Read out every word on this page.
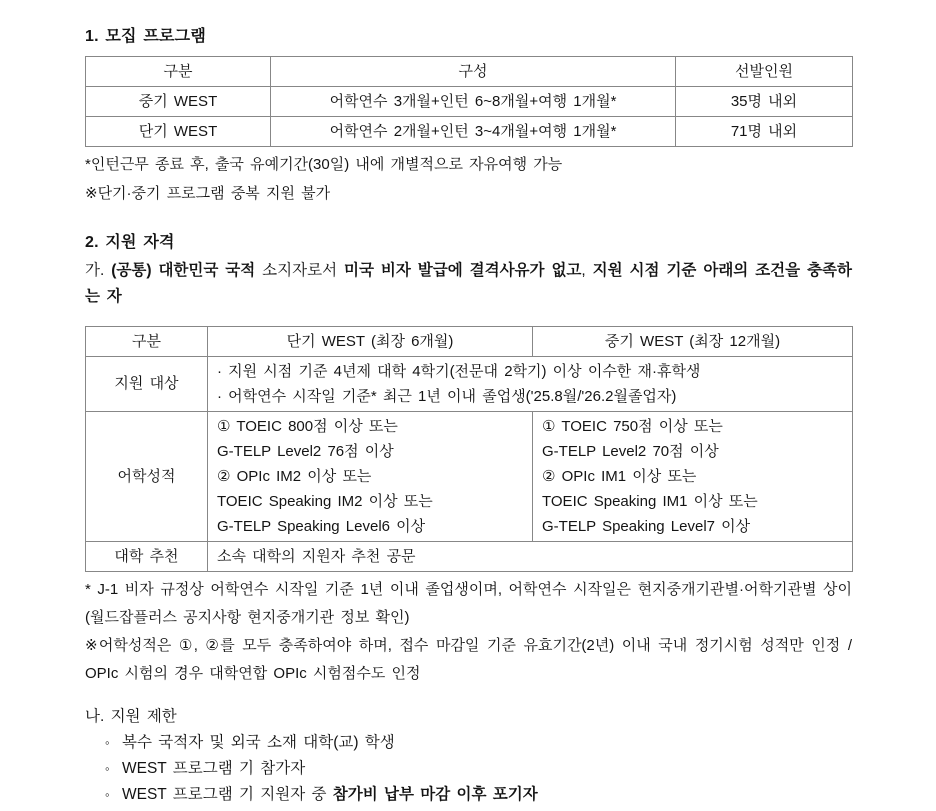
1. 모집 프로그램
구분	구성	선발인원
중기 WEST	어학연수 3개월+인턴 6~8개월+여행 1개월*	35명 내외
단기 WEST	어학연수 2개월+인턴 3~4개월+여행 1개월*	71명 내외
*인턴근무 종료 후, 출국 유예기간(30일) 내에 개별적으로 자유여행 가능
※단기·중기 프로그램 중복 지원 불가
2. 지원 자격

가. (공통) 대한민국 국적 소지자로서 미국 비자 발급에 결격사유가 없고, 지원 시점 기준 아래의 조건을 충족하는 자

구분	단기 WEST (최장 6개월)	중기 WEST (최장 12개월)
지원 대상	· 지원 시점 기준 4년제 대학 4학기(전문대 2학기) 이상 이수한 재·휴학생
· 어학연수 시작일 기준* 최근 1년 이내 졸업생('25.8월/'26.2월졸업자)	

어학성적	① TOEIC 800점 이상 또는
G-TELP Level2 76점 이상
② OPIc IM2 이상 또는
TOEIC Speaking IM2 이상 또는
G-TELP Speaking Level6 이상	① TOEIC 750점 이상 또는
G-TELP Level2 70점 이상
② OPIc IM1 이상 또는
TOEIC Speaking IM1 이상 또는
G-TELP Speaking Level7 이상

대학 추천	소속 대학의 지원자 추천 공문	
* J-1 비자 규정상 어학연수 시작일 기준 1년 이내 졸업생이며, 어학연수 시작일은 현지중개기관별·어학기관별 상이(월드잡플러스 공지사항 현지중개기관 정보 확인)
※어학성적은 ①, ②를 모두 충족하여야 하며, 접수 마감일 기준 유효기간(2년) 이내 국내 정기시험 성적만 인정 / OPIc 시험의 경우 대학연합 OPIc 시험점수도 인정
나. 지원 제한
◦ 복수 국적자 및 외국 소재 대학(교) 학생
◦ WEST 프로그램 기 참가자
◦ WEST 프로그램 기 지원자 중 참가비 납부 마감 이후 포기자
